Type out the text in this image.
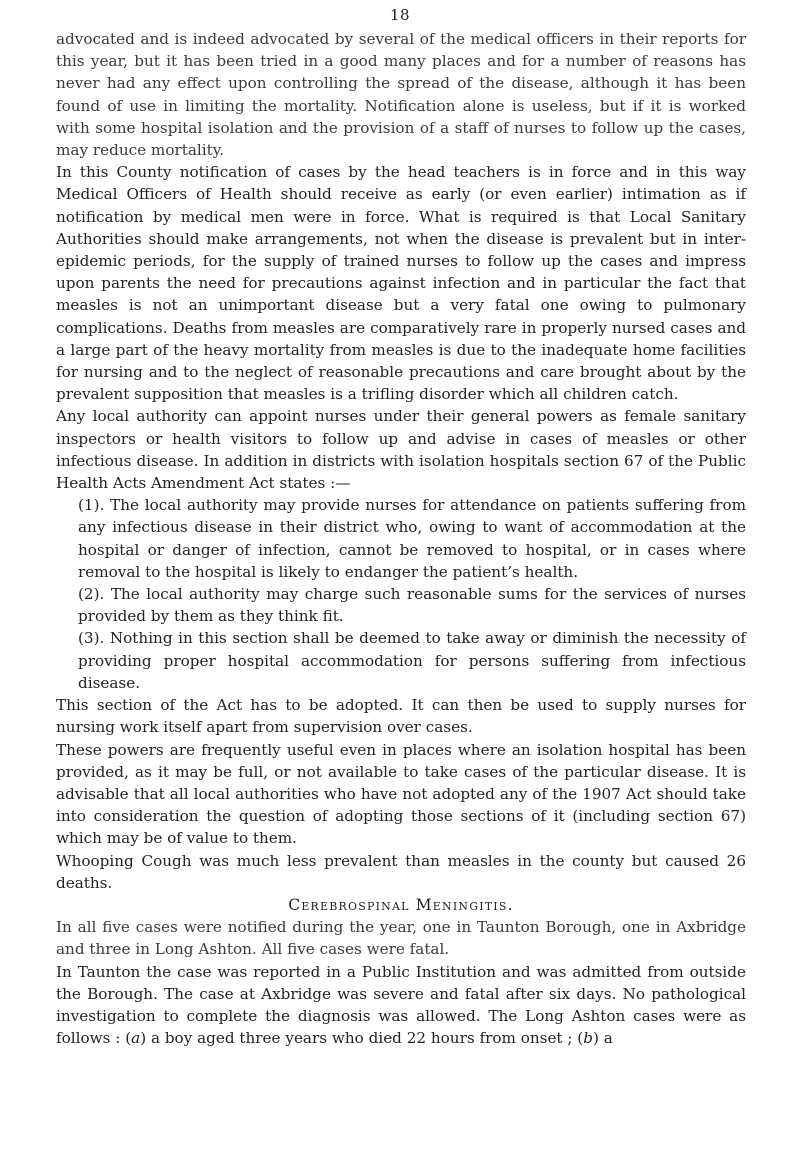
18

advocated and is indeed advocated by several of the medical officers in their reports for this year, but it has been tried in a good many places and for a number of reasons has never had any effect upon controlling the spread of the disease, although it has been found of use in limiting the mortality. Notification alone is useless, but if it is worked with some hospital isolation and the provision of a staff of nurses to follow up the cases, may reduce mortality.

In this County notification of cases by the head teachers is in force and in this way Medical Officers of Health should receive as early (or even earlier) intimation as if notification by medical men were in force. What is required is that Local Sanitary Authorities should make arrangements, not when the disease is prevalent but in inter-epidemic periods, for the supply of trained nurses to follow up the cases and impress upon parents the need for precautions against infection and in particular the fact that measles is not an unimportant disease but a very fatal one owing to pulmonary complications. Deaths from measles are comparatively rare in properly nursed cases and a large part of the heavy mortality from measles is due to the inadequate home facilities for nursing and to the neglect of reasonable precautions and care brought about by the prevalent supposition that measles is a trifling disorder which all children catch.

Any local authority can appoint nurses under their general powers as female sanitary inspectors or health visitors to follow up and advise in cases of measles or other infectious disease. In addition in districts with isolation hospitals section 67 of the Public Health Acts Amendment Act states :—

(1). The local authority may provide nurses for attendance on patients suffering from any infectious disease in their district who, owing to want of accommodation at the hospital or danger of infection, cannot be removed to hospital, or in cases where removal to the hospital is likely to endanger the patient’s health.

(2). The local authority may charge such reasonable sums for the services of nurses provided by them as they think fit.

(3). Nothing in this section shall be deemed to take away or diminish the necessity of providing proper hospital accommodation for persons suffering from infectious disease.

This section of the Act has to be adopted. It can then be used to supply nurses for nursing work itself apart from supervision over cases.

These powers are frequently useful even in places where an isolation hospital has been provided, as it may be full, or not available to take cases of the particular disease. It is advisable that all local authorities who have not adopted any of the 1907 Act should take into consideration the question of adopting those sections of it (including section 67) which may be of value to them.

Whooping Cough was much less prevalent than measles in the county but caused 26 deaths.

Cerebrospinal Meningitis.

In all five cases were notified during the year, one in Taunton Borough, one in Axbridge and three in Long Ashton. All five cases were fatal.

In Taunton the case was reported in a Public Institution and was admitted from outside the Borough. The case at Axbridge was severe and fatal after six days. No pathological investigation to complete the diagnosis was allowed. The Long Ashton cases were as follows : (a) a boy aged three years who died 22 hours from onset ; (b) a
